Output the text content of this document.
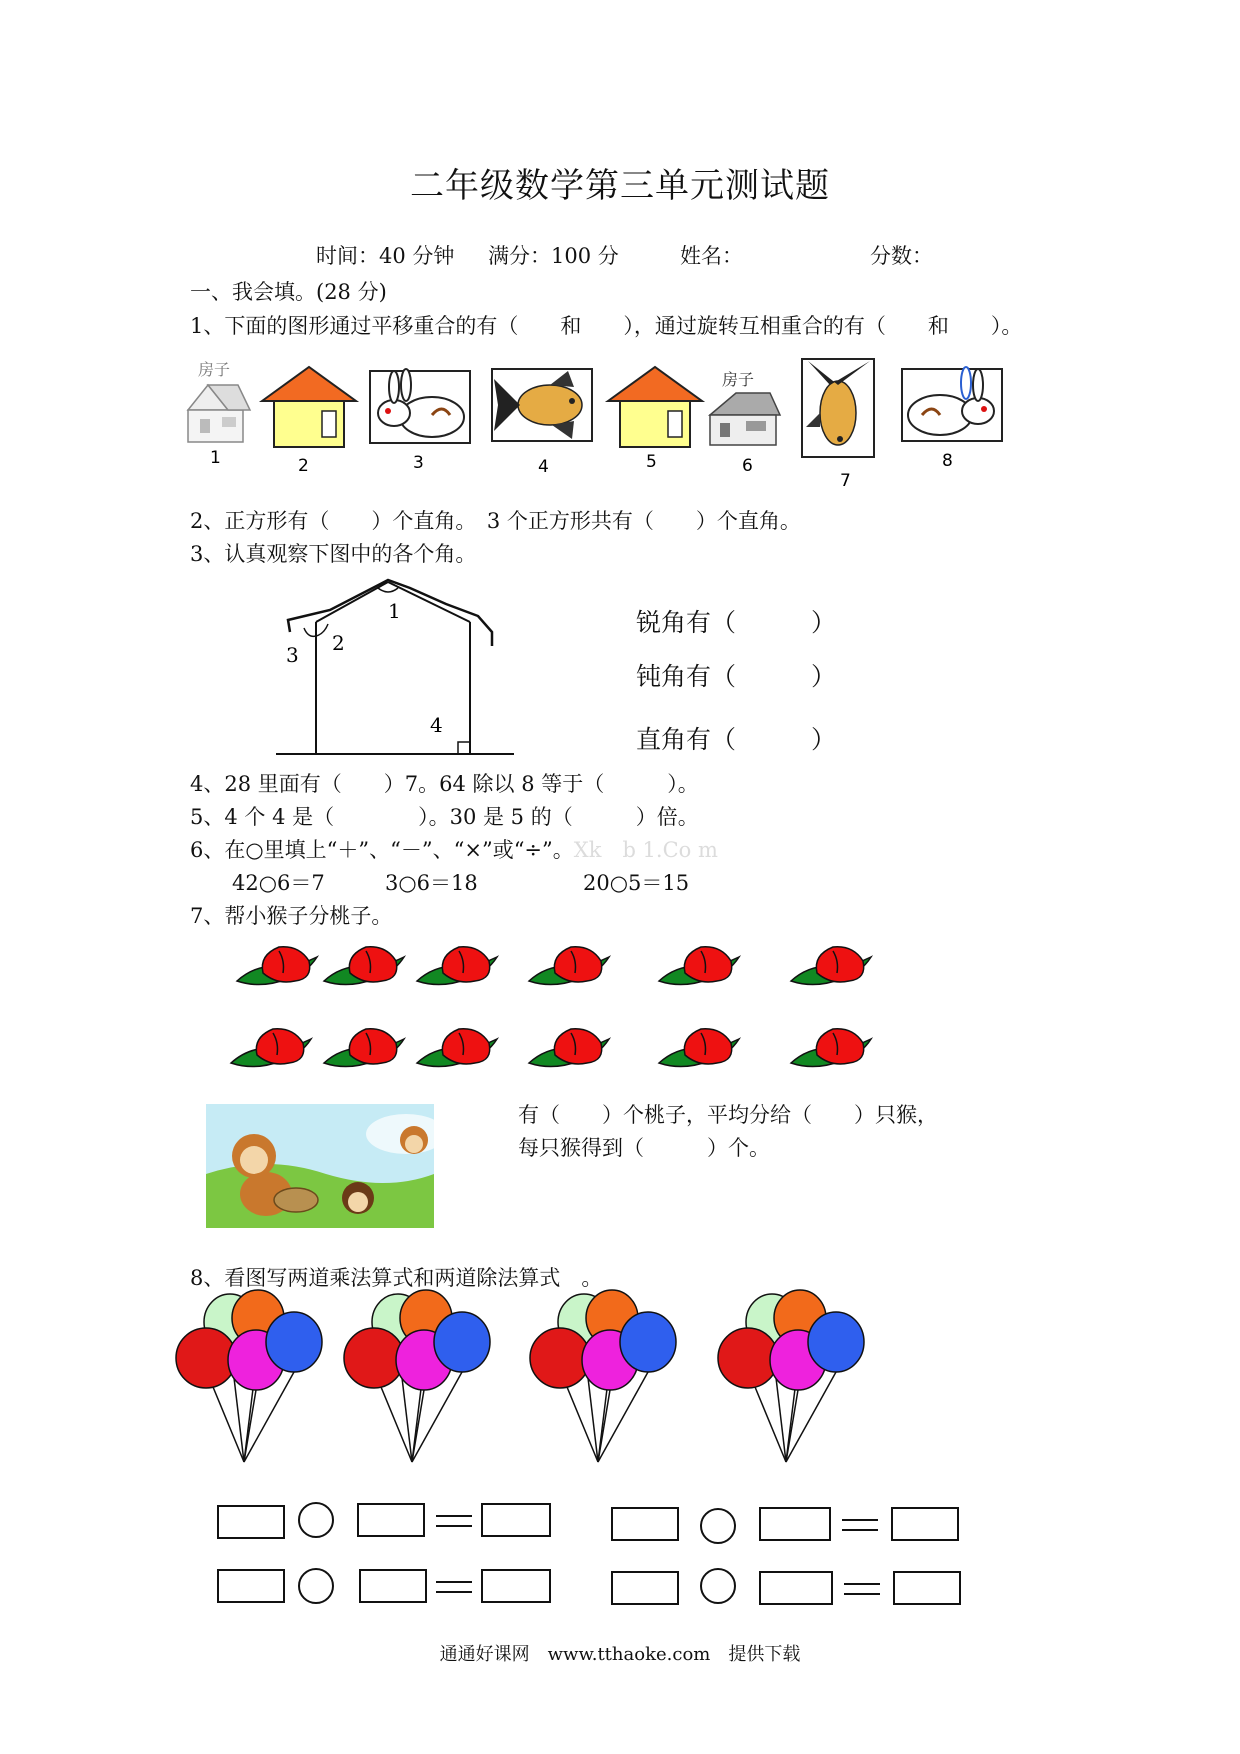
二年级数学第三单元测试题
时间：40 分钟 满分：100 分	姓名：	分数：
一、我会填。(28 分)
1、下面的图形通过平移重合的有（　　和　　），通过旋转互相重合的有（　　和　　）。
房子
1	2	3	4	5
房子
6
7
8
2、正方形有（　　）个直角。　3 个正方形共有（　　）个直角。
3、认真观察下图中的各个角。
1
2
3
4
锐角有（　　　）
钝角有（　　　）
直角有（　　　）
4、28 里面有（　　）7。64 除以 8 等于（　　　）。
5、4 个 4 是（　　　　）。30 是 5 的（　　　）倍。
6、在○里填上“＋”、“－”、“×”或“÷”。Xk　b 1.Co m
42○6＝7	3○6＝18	20○5＝15
7、帮小猴子分桃子。
有（　　）个桃子，平均分给（　　）只猴，
每只猴得到（　　　）个。
8、看图写两道乘法算式和两道除法算式　。
通通好课网　www.tthaoke.com　提供下载
